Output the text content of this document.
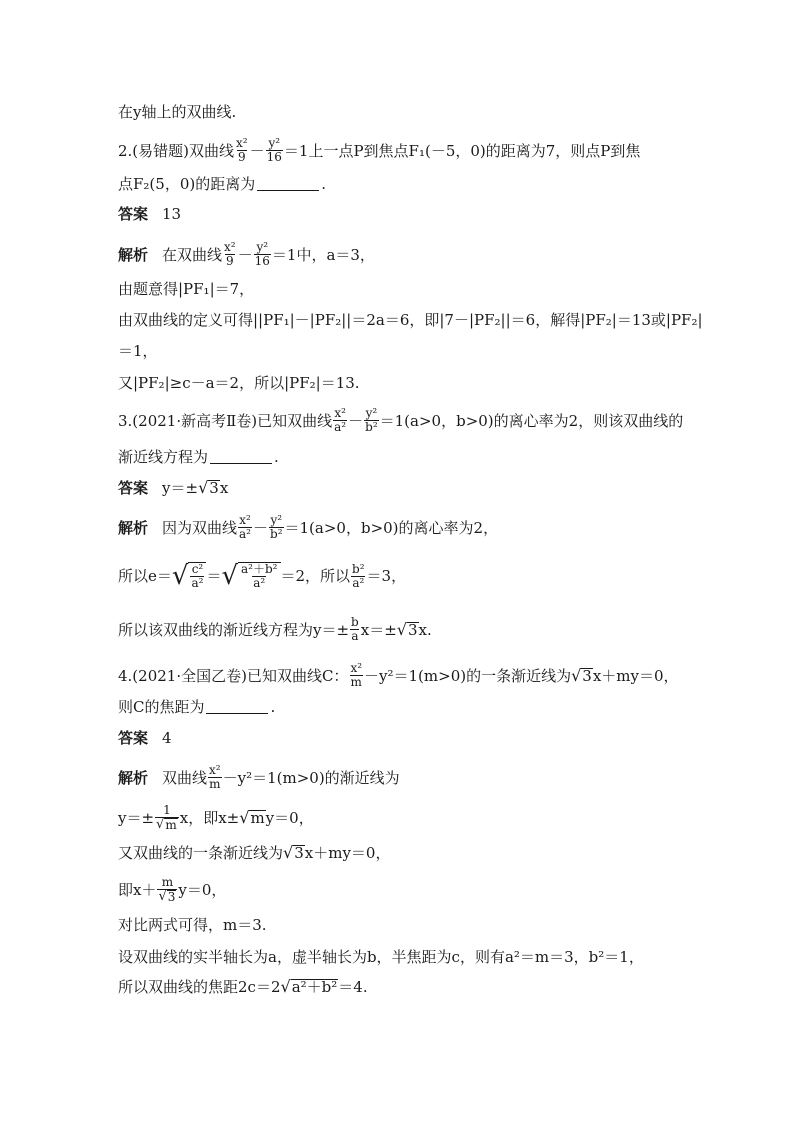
在y轴上的双曲线.
2.(易错题)双曲线 $\frac{\text{x²}}{9} - \frac{\text{y²}}{16} =1$上一点P到焦点F₁(－5，0)的距离为7，则点P到焦
点F₂(5，0)的距离为	.
答案 13
解析 在双曲线 $\frac{\text{x²}}{9} - \frac{\text{y²}}{16} =1$中，a＝3，
由题意得|PF₁|＝7，
由双曲线的定义可得||PF₁|－|PF₂||＝2a＝6，即|7－|PF₂||＝6，解得|PF₂|＝13或|PF₂|
＝1，
又|PF₂|≥c－a＝2，所以|PF₂|＝13.
3.(2021·新高考Ⅱ卷)已知双曲线 $\frac{\text{x²}}{\text{a²}} - \frac{\text{y²}}{\text{b²}} =1(a>0$，b>0)的离心率为2，则该双曲线的
渐近线方程为	.
答案 y＝± √ 3 x
解析 因为双曲线 $\frac{\text{x²}}{\text{a²}} - \frac{\text{y²}}{\text{b²}} =1(a>0$，b>0)的离心率为2，
所以e＝ √ $\frac{\text{c²}}{\text{a²}}$ ＝ √ $\frac{\text{a²＋b²}}{\text{a²}} =2$，所以 $\frac{\text{b²}}{\text{a²}} =3$，
所以该双曲线的渐近线方程为$y=\pm \frac{b}{a} x=\pm$ √ 3 x.
4.(2021·全国乙卷)已知双曲线C： $\frac{\text{x²}}{m} -y^2=1(m>0)$的一条渐近线为 √ 3 x＋my＝0，
则C的焦距为	.
答案 4
解析 双曲线 $\frac{\text{x²}}{m} -y^2=1(m>0)$的渐近线为
$y=\pm \frac{1}{√ m}$ x，即x± √ m y＝0，
又双曲线的一条渐近线为 √ 3 x＋my＝0，
即$x+ \frac{m}{√ 3} y=0$，
对比两式可得，m＝3.
设双曲线的实半轴长为a，虚半轴长为b，半焦距为c，则有a²＝m＝3，b²＝1，
所以双曲线的焦距2c＝2 √ a²＋b² ＝4.
